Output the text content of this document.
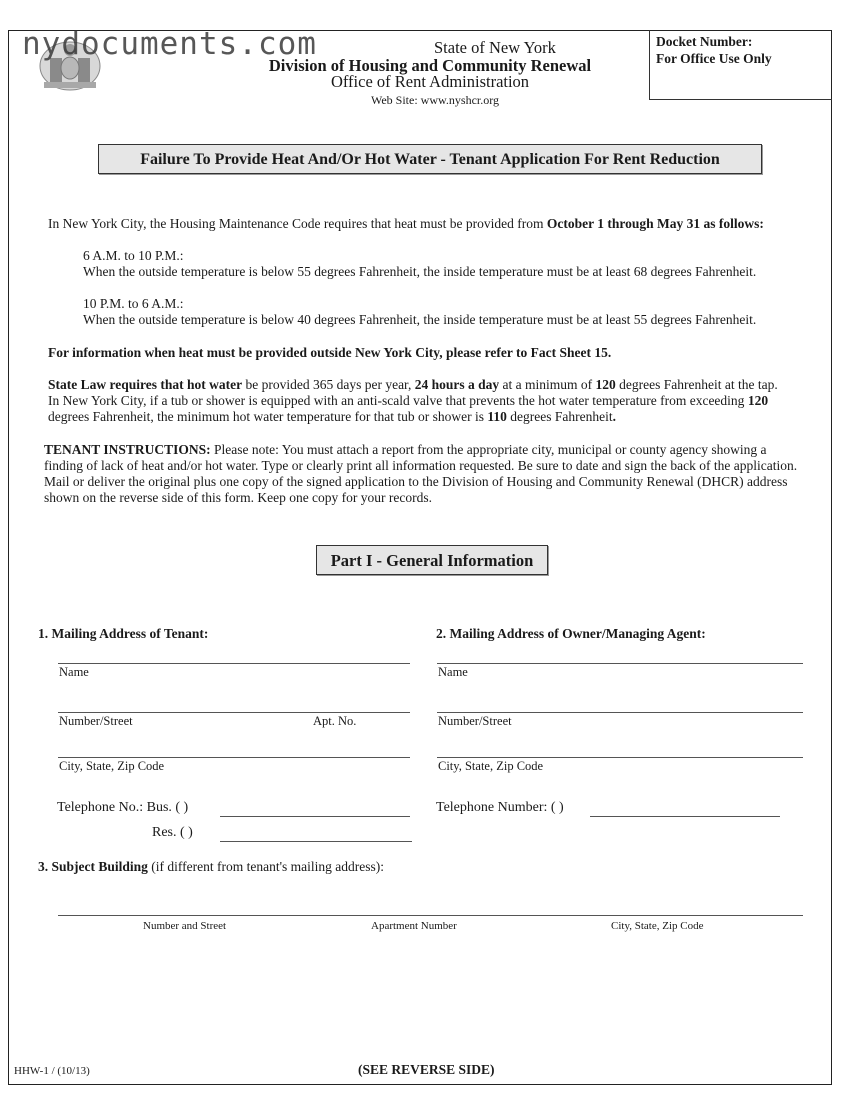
nydocuments.com	State of New York
Division of Housing and Community Renewal
Office of Rent Administration
Web Site: www.nyshcr.org
Docket Number:
For Office Use Only
Failure To Provide Heat And/Or Hot Water - Tenant Application For Rent Reduction
In New York City, the Housing Maintenance Code requires that heat must be provided from October 1 through May 31 as follows:
6 A.M. to 10 P.M.:
When the outside temperature is below 55 degrees Fahrenheit, the inside temperature must be at least 68 degrees Fahrenheit.
10 P.M. to 6 A.M.:
When the outside temperature is below 40 degrees Fahrenheit, the inside temperature must be at least 55 degrees Fahrenheit.
For information when heat must be provided outside New York City, please refer to Fact Sheet 15.
State Law requires that hot water be provided 365 days per year, 24 hours a day at a minimum of 120 degrees Fahrenheit at the tap.
In New York City, if a tub or shower is equipped with an anti-scald valve that prevents the hot water temperature from exceeding 120
degrees Fahrenheit, the minimum hot water temperature for that tub or shower is 110 degrees Fahrenheit.
TENANT INSTRUCTIONS: Please note: You must attach a report from the appropriate city, municipal or county agency showing a
finding of lack of heat and/or hot water. Type or clearly print all information requested. Be sure to date and sign the back of the application.
Mail or deliver the original plus one copy of the signed application to the Division of Housing and Community Renewal (DHCR) address
shown on the reverse side of this form. Keep one copy for your records.
Part I - General Information
1. Mailing Address of Tenant:
Name
Number/Street	Apt. No.
City, State, Zip Code
Telephone No.: Bus. ( )
Res. ( )
2. Mailing Address of Owner/Managing Agent:
Name
Number/Street
City, State, Zip Code
Telephone Number: ( )
3. Subject Building (if different from tenant's mailing address):
Number and Street	Apartment Number	City, State, Zip Code
HHW-1 / (10/13)	(SEE REVERSE SIDE)
